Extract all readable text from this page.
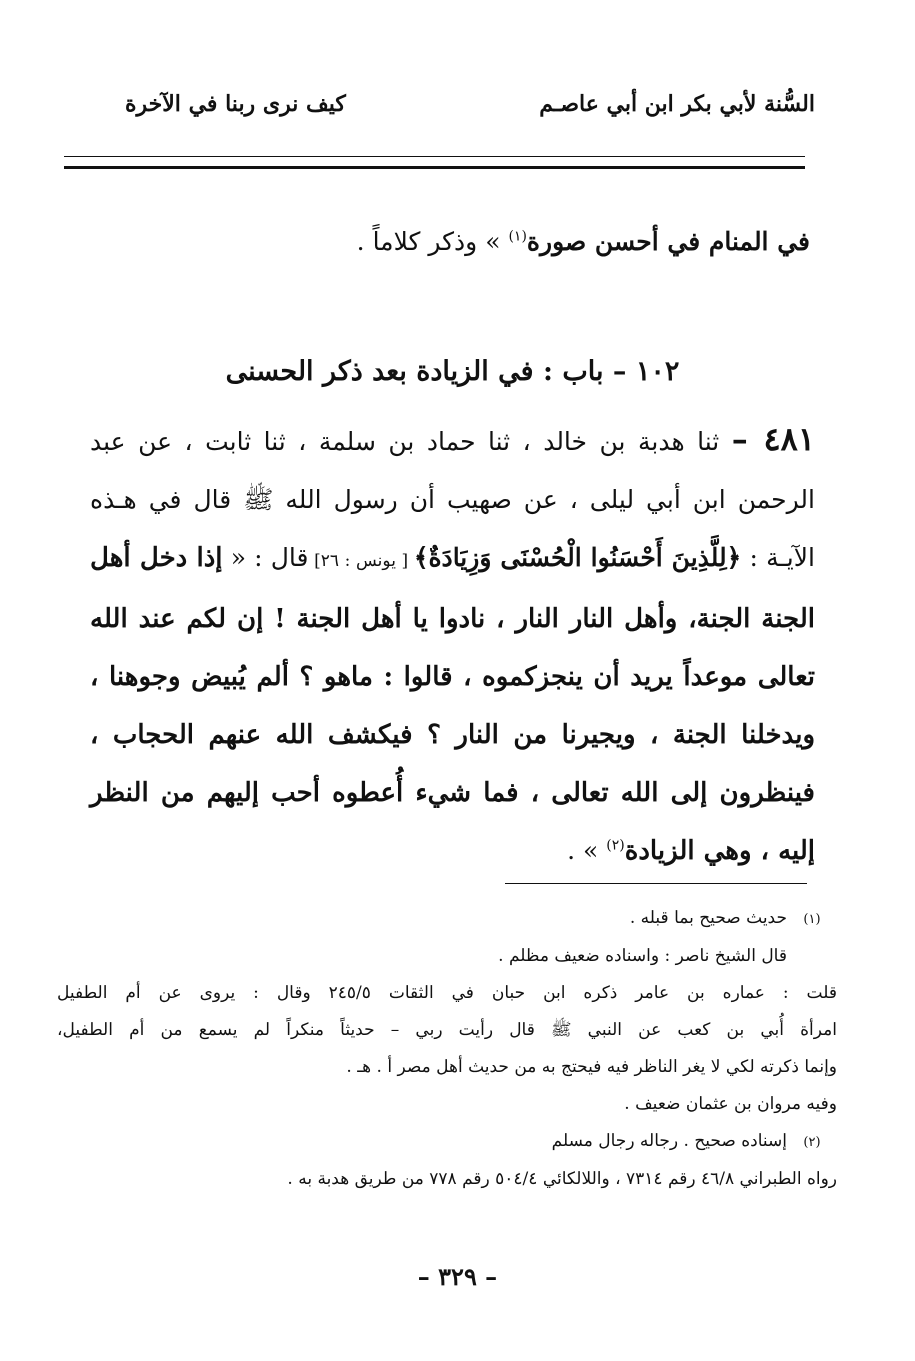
السُّنة لأبي بكر ابن أبي عاصـم
كيف نرى ربنا في الآخرة
في المنام في أحسن صورة$^{(١)}$ » وذكر كلاماً .
١٠٢ – باب : في الزيادة بعد ذكر الحسنى
٤٨١ – ثنا هدبة بن خالد ، ثنا حماد بن سلمة ، ثنا ثابت ، عن عبد الرحمن ابن أبي ليلى ، عن صهيب أن رسول الله ﷺ قال في هـذه الآيـة : ﴿لِلَّذِينَ أَحْسَنُوا الْحُسْنَى وَزِيَادَةٌ﴾ [ يونس : ٢٦] قال : « إذا دخل أهل الجنة الجنة، وأهل النار النار ، نادوا يا أهل الجنة ! إن لكم عند الله تعالى موعداً يريد أن ينجزكموه ، قالوا : ماهو ؟ ألم يُبيض وجوهنا ، ويدخلنا الجنة ، ويجيرنا من النار ؟ فيكشف الله عنهم الحجاب ، فينظرون إلى الله تعالى ، فما شيء أُعطوه أحب إليهم من النظر إليه ، وهي الزيادة$^{(٢)}$ » .
(١)
حديث صحيح بما قبله .
قال الشيخ ناصر : واسناده ضعيف مظلم .
قلت : عماره بن عامر ذكره ابن حبان في الثقات ٢٤٥/٥ وقال : يروى عن أم الطفيل
امرأة أُبي بن كعب عن النبي ﷺ قال رأيت ربي – حديثاً منكراً لم يسمع من أم الطفيل،
وإنما ذكرته لكي لا يغر الناظر فيه فيحتج به من حديث أهل مصر أ . هـ .
وفيه مروان بن عثمان ضعيف .
(٢)
إسناده صحيح . رجاله رجال مسلم
رواه الطبراني ٤٦/٨ رقم ٧٣١٤ ، واللالكائي ٥٠٤/٤ رقم ٧٧٨ من طريق هدبة به .
– ٣٢٩ –
